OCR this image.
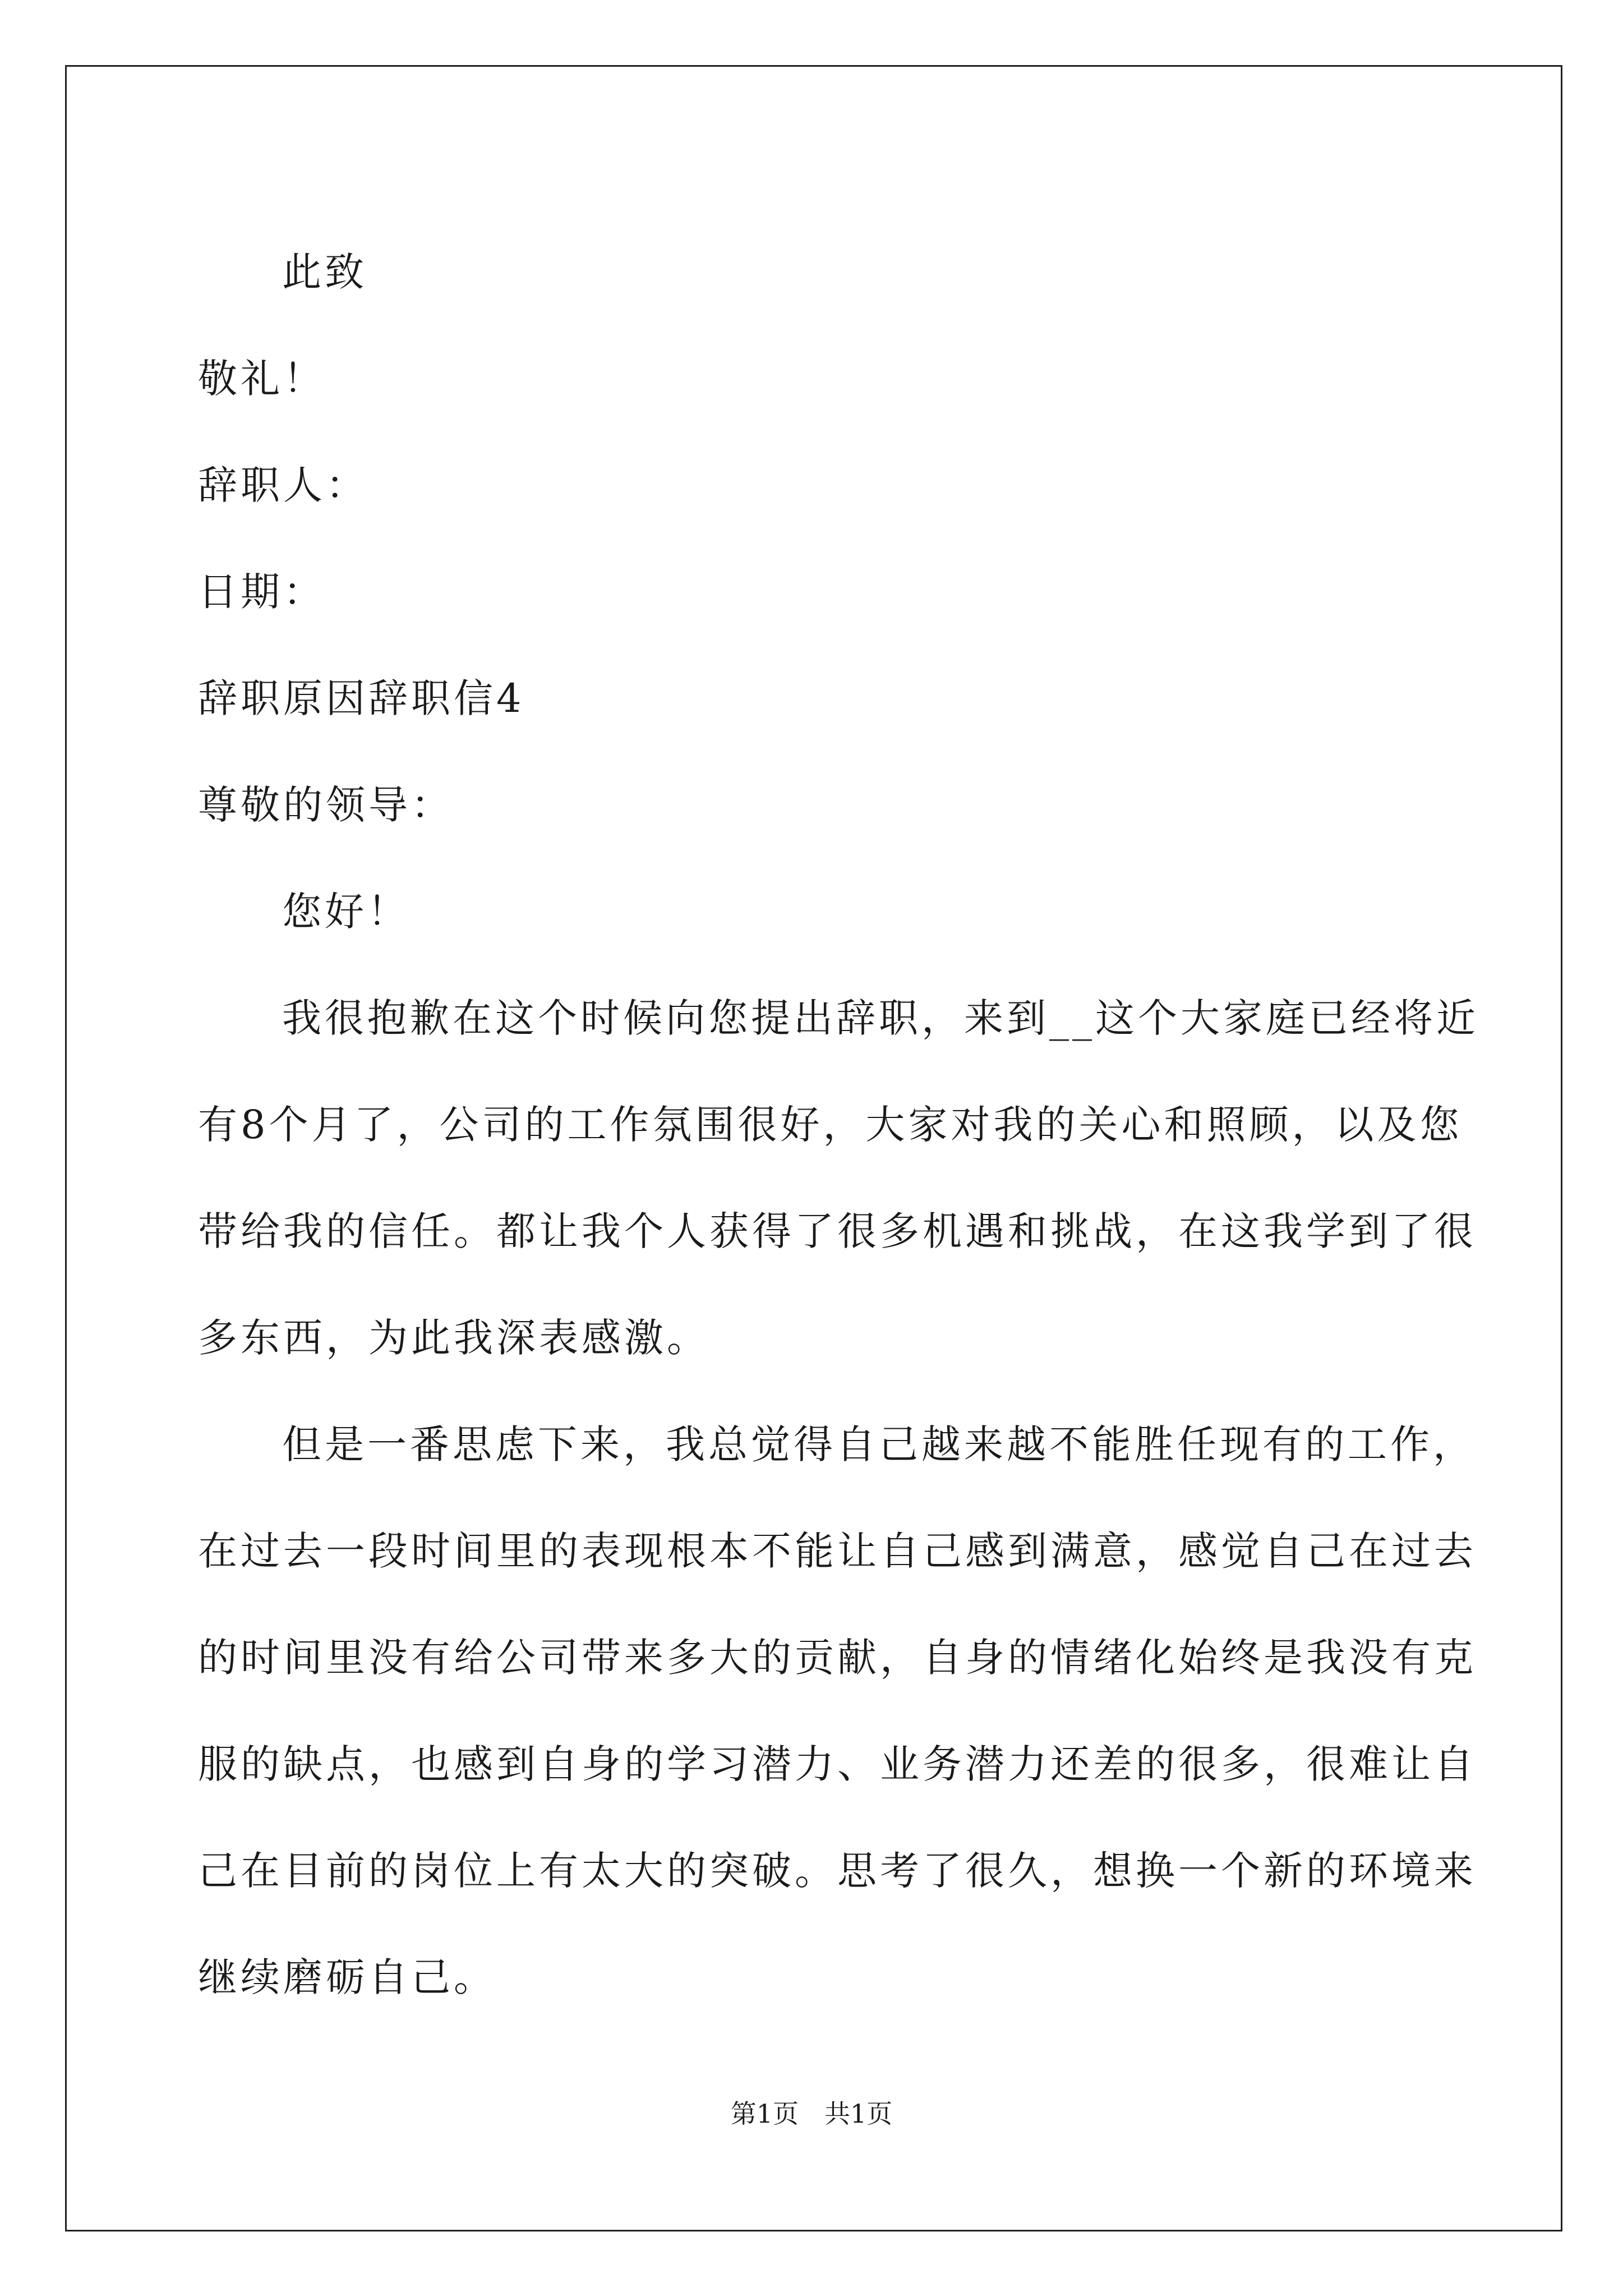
此致
敬礼！
辞职人：
日期：
辞职原因辞职信4
尊敬的领导：
您好！
我很抱歉在这个时候向您提出辞职，来到__这个大家庭已经将近
有8个月了，公司的工作氛围很好，大家对我的关心和照顾，以及您
带给我的信任。都让我个人获得了很多机遇和挑战，在这我学到了很
多东西，为此我深表感激。
但是一番思虑下来，我总觉得自己越来越不能胜任现有的工作，
在过去一段时间里的表现根本不能让自己感到满意，感觉自己在过去
的时间里没有给公司带来多大的贡献，自身的情绪化始终是我没有克
服的缺点，也感到自身的学习潜力、业务潜力还差的很多，很难让自
己在目前的岗位上有太大的突破。思考了很久，想换一个新的环境来
继续磨砺自己。
第1页　共1页
